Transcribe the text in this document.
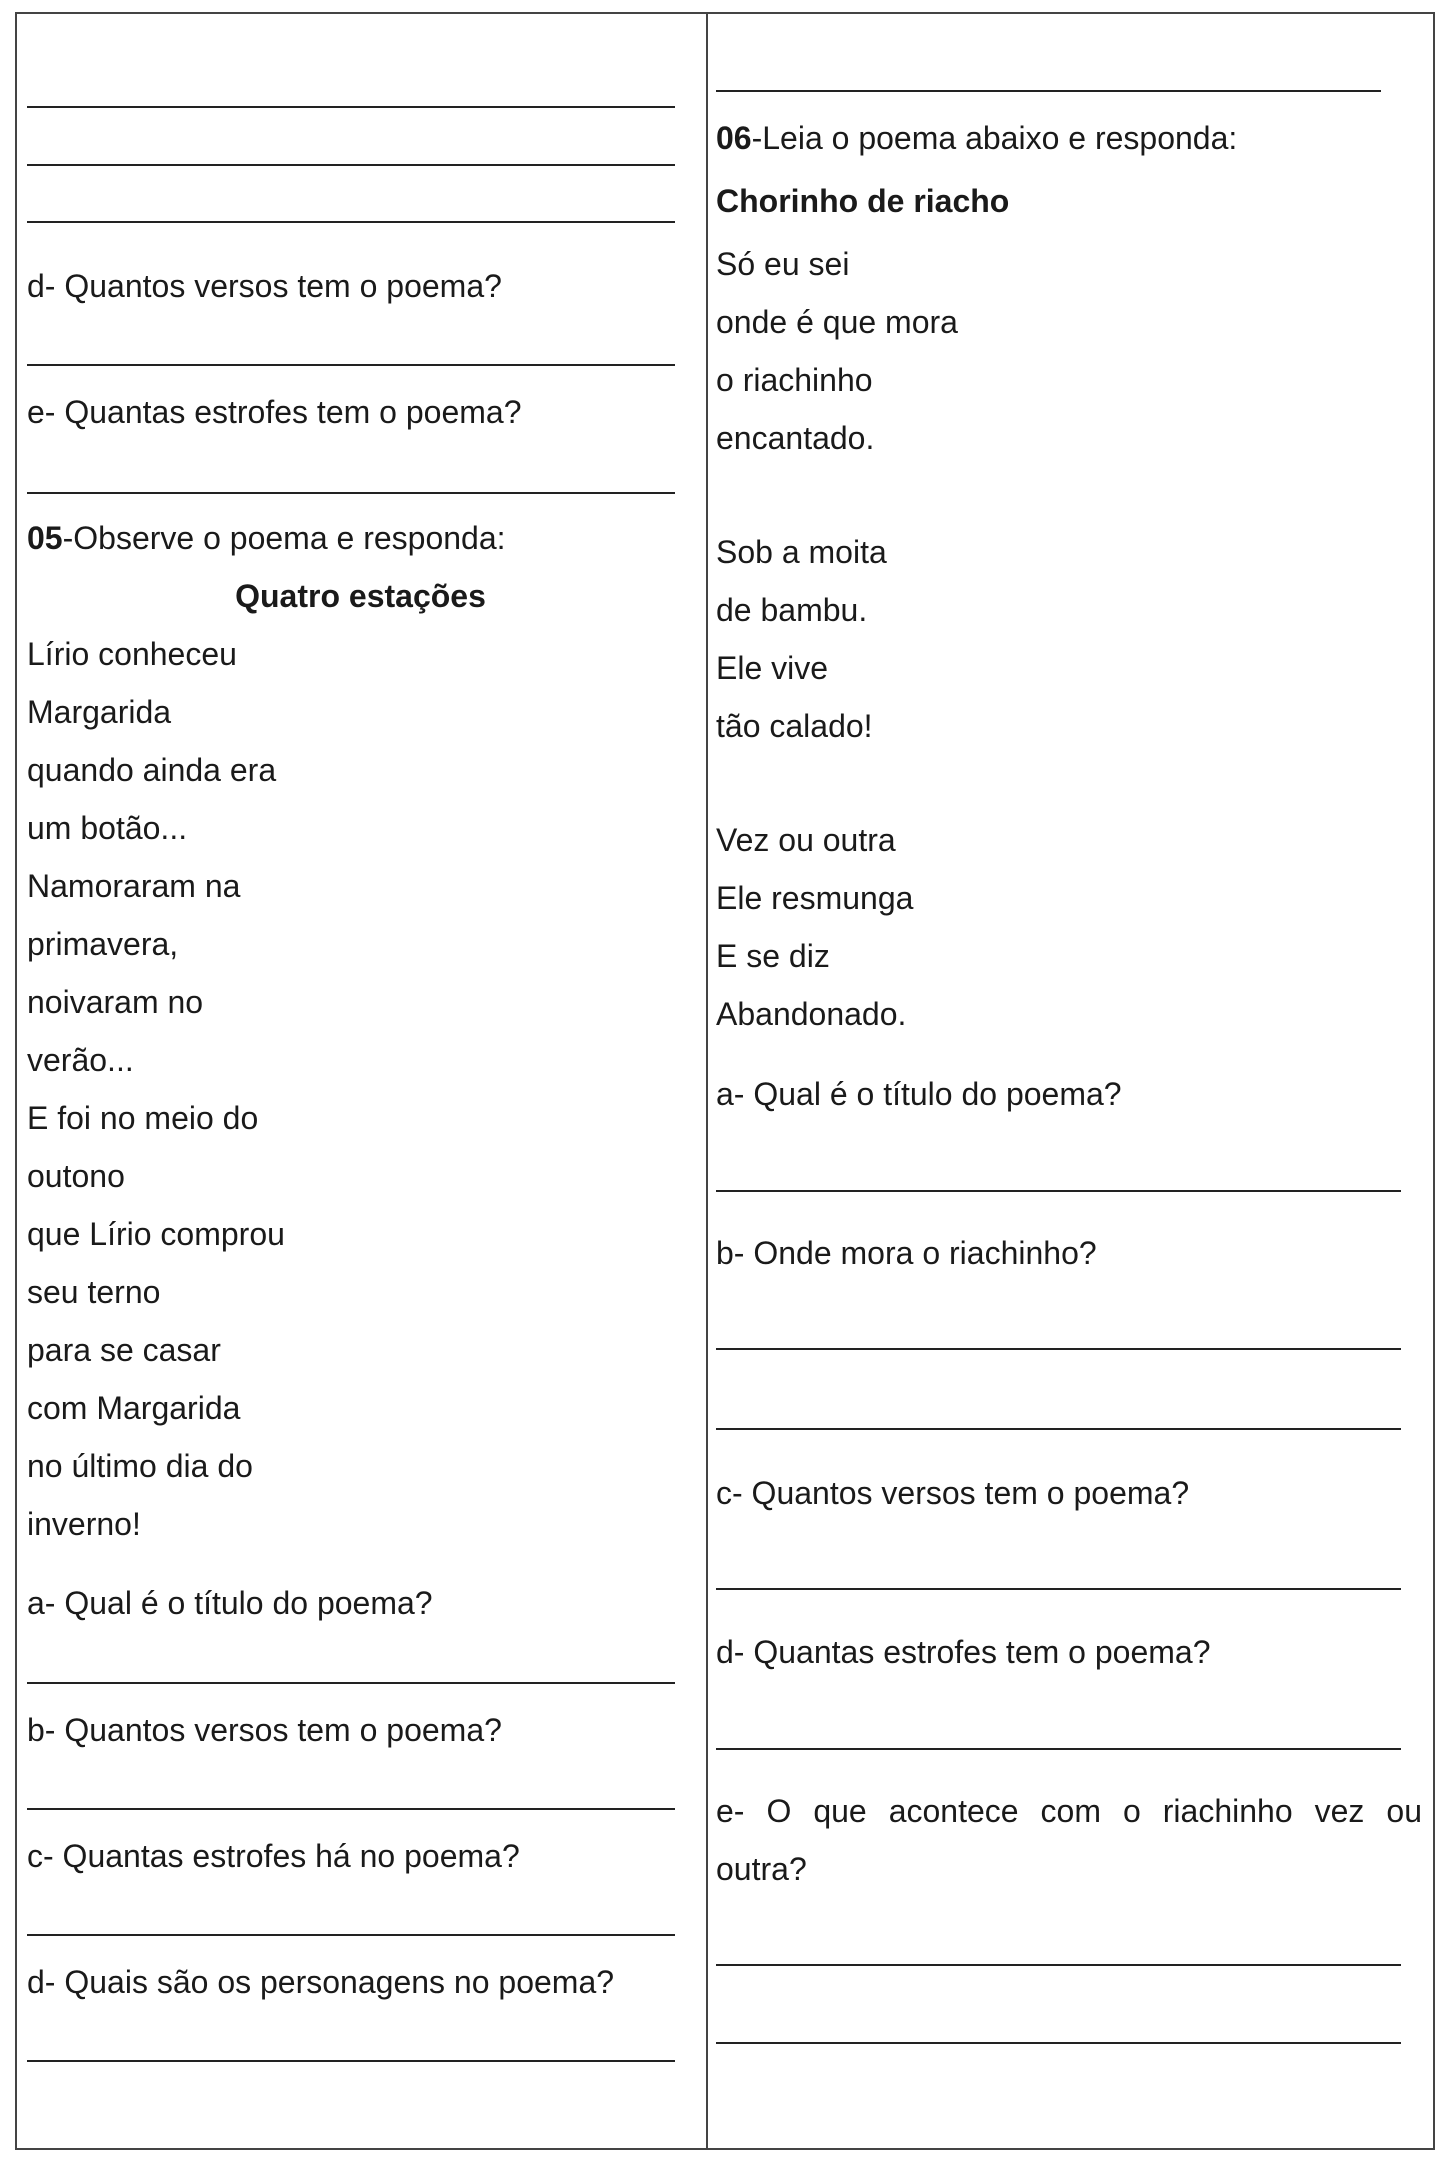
d- Quantos versos tem o poema?
e- Quantas estrofes tem o poema?
05-Observe o poema e responda:
Quatro estações
Lírio conheceu
Margarida
quando ainda era
um botão...
Namoraram na
primavera,
noivaram no
verão...
E foi no meio do
outono
que Lírio comprou
seu terno
para se casar
com Margarida
no último dia do
inverno!
a- Qual é o título do poema?
b- Quantos versos tem o poema?
c- Quantas estrofes há no poema?
d- Quais são os personagens no poema?
06-Leia o poema abaixo e responda:
Chorinho de riacho
Só eu sei
onde é que mora
o riachinho
encantado.
Sob a moita
de bambu.
Ele vive
tão calado!
Vez ou outra
Ele resmunga
E se diz
Abandonado.
a- Qual é o título do poema?
b- Onde mora o riachinho?
c- Quantos versos tem o poema?
d- Quantas estrofes tem o poema?
e- O que acontece com o riachinho vez ou
outra?
